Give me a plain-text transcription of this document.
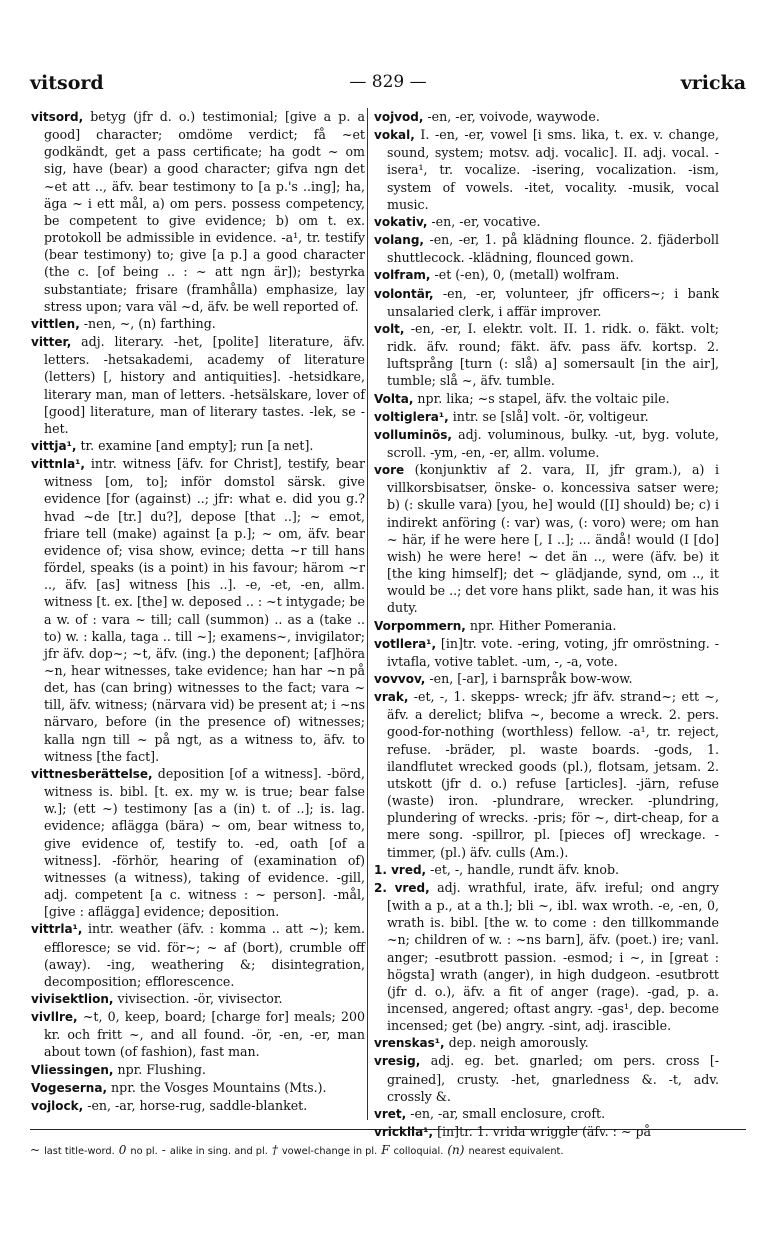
vitsord	— 829 —	vricka

vitsord, betyg (jfr d. o.) testimonial; [give a p. a good] character; omdöme verdict; få ~et godkändt, get a pass certificate; ha godt ~ om sig, have (bear) a good character; gifva ngn det ~et att .., äfv. bear testimony to [a p.'s ..ing]; ha, äga ~ i ett mål, a) om pers. possess competency, be competent to give evidence; b) om t. ex. protokoll be admissible in evidence. -a¹, tr. testify (bear testimony) to; give [a p.] a good character (the c. [of being .. : ~ att ngn är]); bestyrka substantiate; frisare (framhålla) emphasize, lay stress upon; vara väl ~d, äfv. be well reported of.

vittlen, -nen, ~, (n) farthing.

vitter, adj. literary. -het, [polite] literature, äfv. letters. -hetsakademi, academy of literature (letters) [, history and antiquities]. -hetsidkare, literary man, man of letters. -hetsälskare, lover of [good] literature, man of literary tastes. -lek, se -het.

vittja¹, tr. examine [and empty]; run [a net].

vittnla¹, intr. witness [äfv. for Christ], testify, bear witness [om, to]; inför domstol särsk. give evidence [for (against) ..; jfr: what e. did you g.? hvad ~de [tr.] du?], depose [that ..]; ~ emot, friare tell (make) against [a p.]; ~ om, äfv. bear evidence of; visa show, evince; detta ~r till hans fördel, speaks (is a point) in his favour; härom ~r .., äfv. [as] witness [his ..]. -e, -et, -en, allm. witness [t. ex. [the] w. deposed .. : ~t intygade; be a w. of : vara ~ till; call (summon) .. as a (take .. to) w. : kalla, taga .. till ~]; examens~, invigilator; jfr äfv. dop~; ~t, äfv. (ing.) the deponent; [af]höra ~n, hear witnesses, take evidence; han har ~n på det, has (can bring) witnesses to the fact; vara ~ till, äfv. witness; (närvara vid) be present at; i ~ns närvaro, before (in the presence of) witnesses; kalla ngn till ~ på ngt, as a witness to, äfv. to witness [the fact].

vittnesberättelse, deposition [of a witness]. -börd, witness is. bibl. [t. ex. my w. is true; bear false w.]; (ett ~) testimony [as a (in) t. of ..]; is. lag. evidence; aflägga (bära) ~ om, bear witness to, give evidence of, testify to. -ed, oath [of a witness]. -förhör, hearing of (examination of) witnesses (a witness), taking of evidence. -gill, adj. competent [a c. witness : ~ person]. -mål, [give : aflägga] evidence; deposition.

vittrla¹, intr. weather (äfv. : komma .. att ~); kem. effloresce; se vid. för~; ~ af (bort), crumble off (away). -ing, weathering &; disintegration, decomposition; efflorescence.

vivisektlion, vivisection. -ör, vivisector.

vivllre, ~t, 0, keep, board; [charge for] meals; 200 kr. och fritt ~, and all found. -ör, -en, -er, man about town (of fashion), fast man.

Vliessingen, npr. Flushing.

Vogeserna, npr. the Vosges Mountains (Mts.).

vojlock, -en, -ar, horse-rug, saddle-blanket.

vojvod, -en, -er, voivode, waywode.

vokal, I. -en, -er, vowel [i sms. lika, t. ex. v. change, sound, system; motsv. adj. vocalic]. II. adj. vocal. -isera¹, tr. vocalize. -isering, vocalization. -ism, system of vowels. -itet, vocality. -musik, vocal music.

vokativ, -en, -er, vocative.

volang, -en, -er, 1. på klädning flounce. 2. fjäderboll shuttlecock. -klädning, flounced gown.

volfram, -et (-en), 0, (metall) wolfram.

volontär, -en, -er, volunteer, jfr officers~; i bank unsalaried clerk, i affär improver.

volt, -en, -er, I. elektr. volt. II. 1. ridk. o. fäkt. volt; ridk. äfv. round; fäkt. äfv. pass äfv. kortsp. 2. luftsprång [turn (: slå) a] somersault [in the air], tumble; slå ~, äfv. tumble.

Volta, npr. lika; ~s stapel, äfv. the voltaic pile.

voltiglera¹, intr. se [slå] volt. -ör, voltigeur.

volluminös, adj. voluminous, bulky. -ut, byg. volute, scroll. -ym, -en, -er, allm. volume.

vore (konjunktiv af 2. vara, II, jfr gram.), a) i villkorsbisatser, önske- o. koncessiva satser were; b) (: skulle vara) [you, he] would ([I] should) be; c) i indirekt anföring (: var) was, (: voro) were; om han ~ här, if he were here [, I ..]; ... ändå! would (I [do] wish) he were here! ~ det än .., were (äfv. be) it [the king himself]; det ~ glädjande, synd, om .., it would be ..; det vore hans plikt, sade han, it was his duty.

Vorpommern, npr. Hither Pomerania.

votllera¹, [in]tr. vote. -ering, voting, jfr omröstning. -ivtafla, votive tablet. -um, -, -a, vote.

vovvov, -en, [-ar], i barnspråk bow-wow.

vrak, -et, -, 1. skepps- wreck; jfr äfv. strand~; ett ~, äfv. a derelict; blifva ~, become a wreck. 2. pers. good-for-nothing (worthless) fellow. -a¹, tr. reject, refuse. -bräder, pl. waste boards. -gods, 1. ilandflutet wrecked goods (pl.), flotsam, jetsam. 2. utskott (jfr d. o.) refuse [articles]. -järn, refuse (waste) iron. -plundrare, wrecker. -plundring, plundering of wrecks. -pris; för ~, dirt-cheap, for a mere song. -spillror, pl. [pieces of] wreckage. -timmer, (pl.) äfv. culls (Am.).

1. vred, -et, -, handle, rundt äfv. knob.

2. vred, adj. wrathful, irate, äfv. ireful; ond angry [with a p., at a th.]; bli ~, ibl. wax wroth. -e, -en, 0, wrath is. bibl. [the w. to come : den tillkommande ~n; children of w. : ~ns barn], äfv. (poet.) ire; vanl. anger; -esutbrott passion. -esmod; i ~, in [great : högsta] wrath (anger), in high dudgeon. -esutbrott (jfr d. o.), äfv. a fit of anger (rage). -gad, p. a. incensed, angered; oftast angry. -gas¹, dep. become incensed; get (be) angry. -sint, adj. irascible.

vrenskas¹, dep. neigh amorously.

vresig, adj. eg. bet. gnarled; om pers. cross [-grained], crusty. -het, gnarledness &. -t, adv. crossly &.

vret, -en, -ar, small enclosure, croft.

vricklla¹, [in]tr. 1. vrida wriggle (äfv. : ~ på

~ last title-word. 0 no pl. - alike in sing. and pl. † vowel-change in pl. F colloquial. (n) nearest equivalent.
